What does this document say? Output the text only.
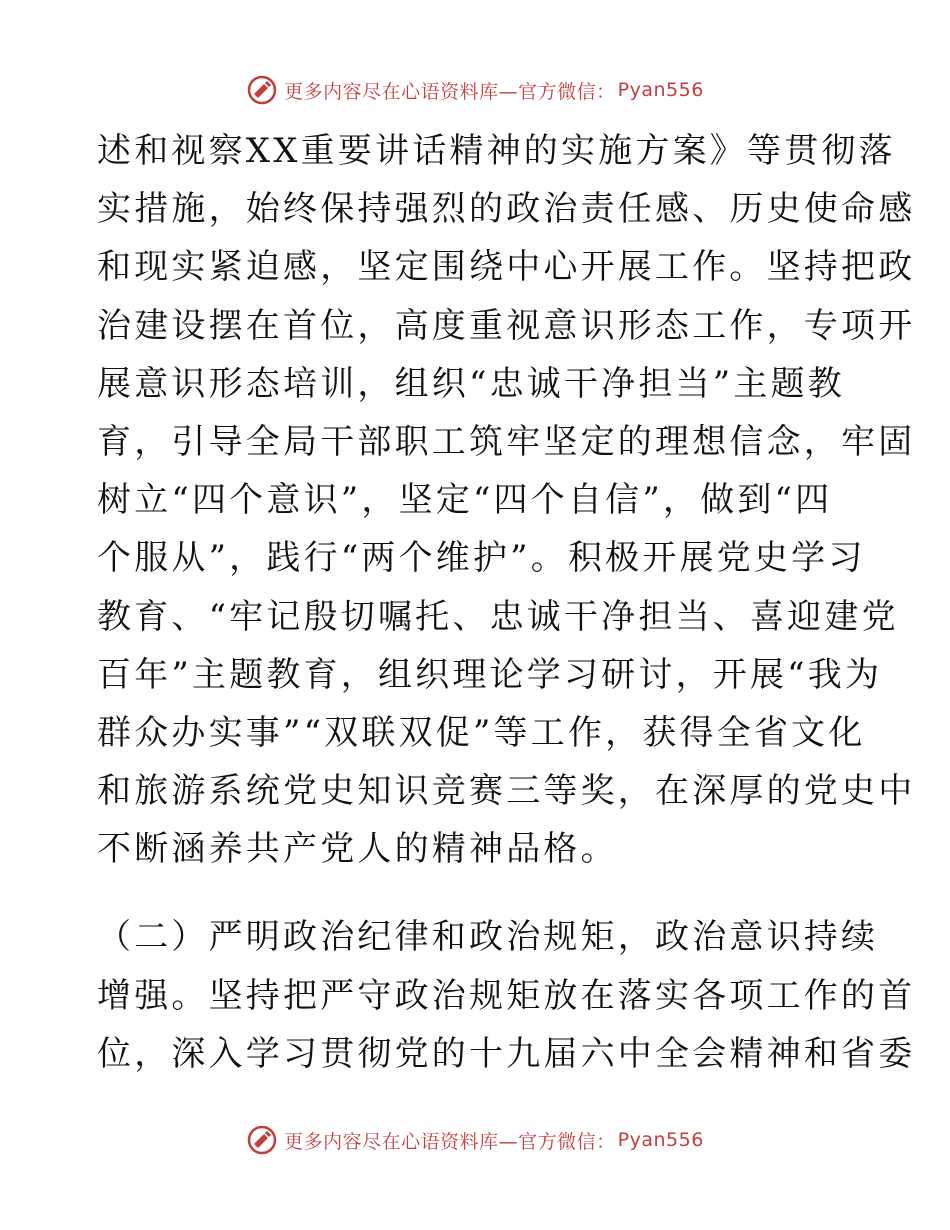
更多内容尽在心语资料库—官方微信： Pyan556
述和视察XX重要讲话精神的实施方案》等贯彻落
实措施，始终保持强烈的政治责任感、历史使命感
和现实紧迫感，坚定围绕中心开展工作。坚持把政
治建设摆在首位，高度重视意识形态工作，专项开
展意识形态培训，组织“忠诚干净担当”主题教
育，引导全局干部职工筑牢坚定的理想信念，牢固
树立“四个意识”，坚定“四个自信”，做到“四
个服从”，践行“两个维护”。积极开展党史学习
教育、“牢记殷切嘱托、忠诚干净担当、喜迎建党
百年”主题教育，组织理论学习研讨，开展“我为
群众办实事”“双联双促”等工作，获得全省文化
和旅游系统党史知识竞赛三等奖，在深厚的党史中
不断涵养共产党人的精神品格。
（二）严明政治纪律和政治规矩，政治意识持续
增强。坚持把严守政治规矩放在落实各项工作的首
位，深入学习贯彻党的十九届六中全会精神和省委
更多内容尽在心语资料库—官方微信： Pyan556
